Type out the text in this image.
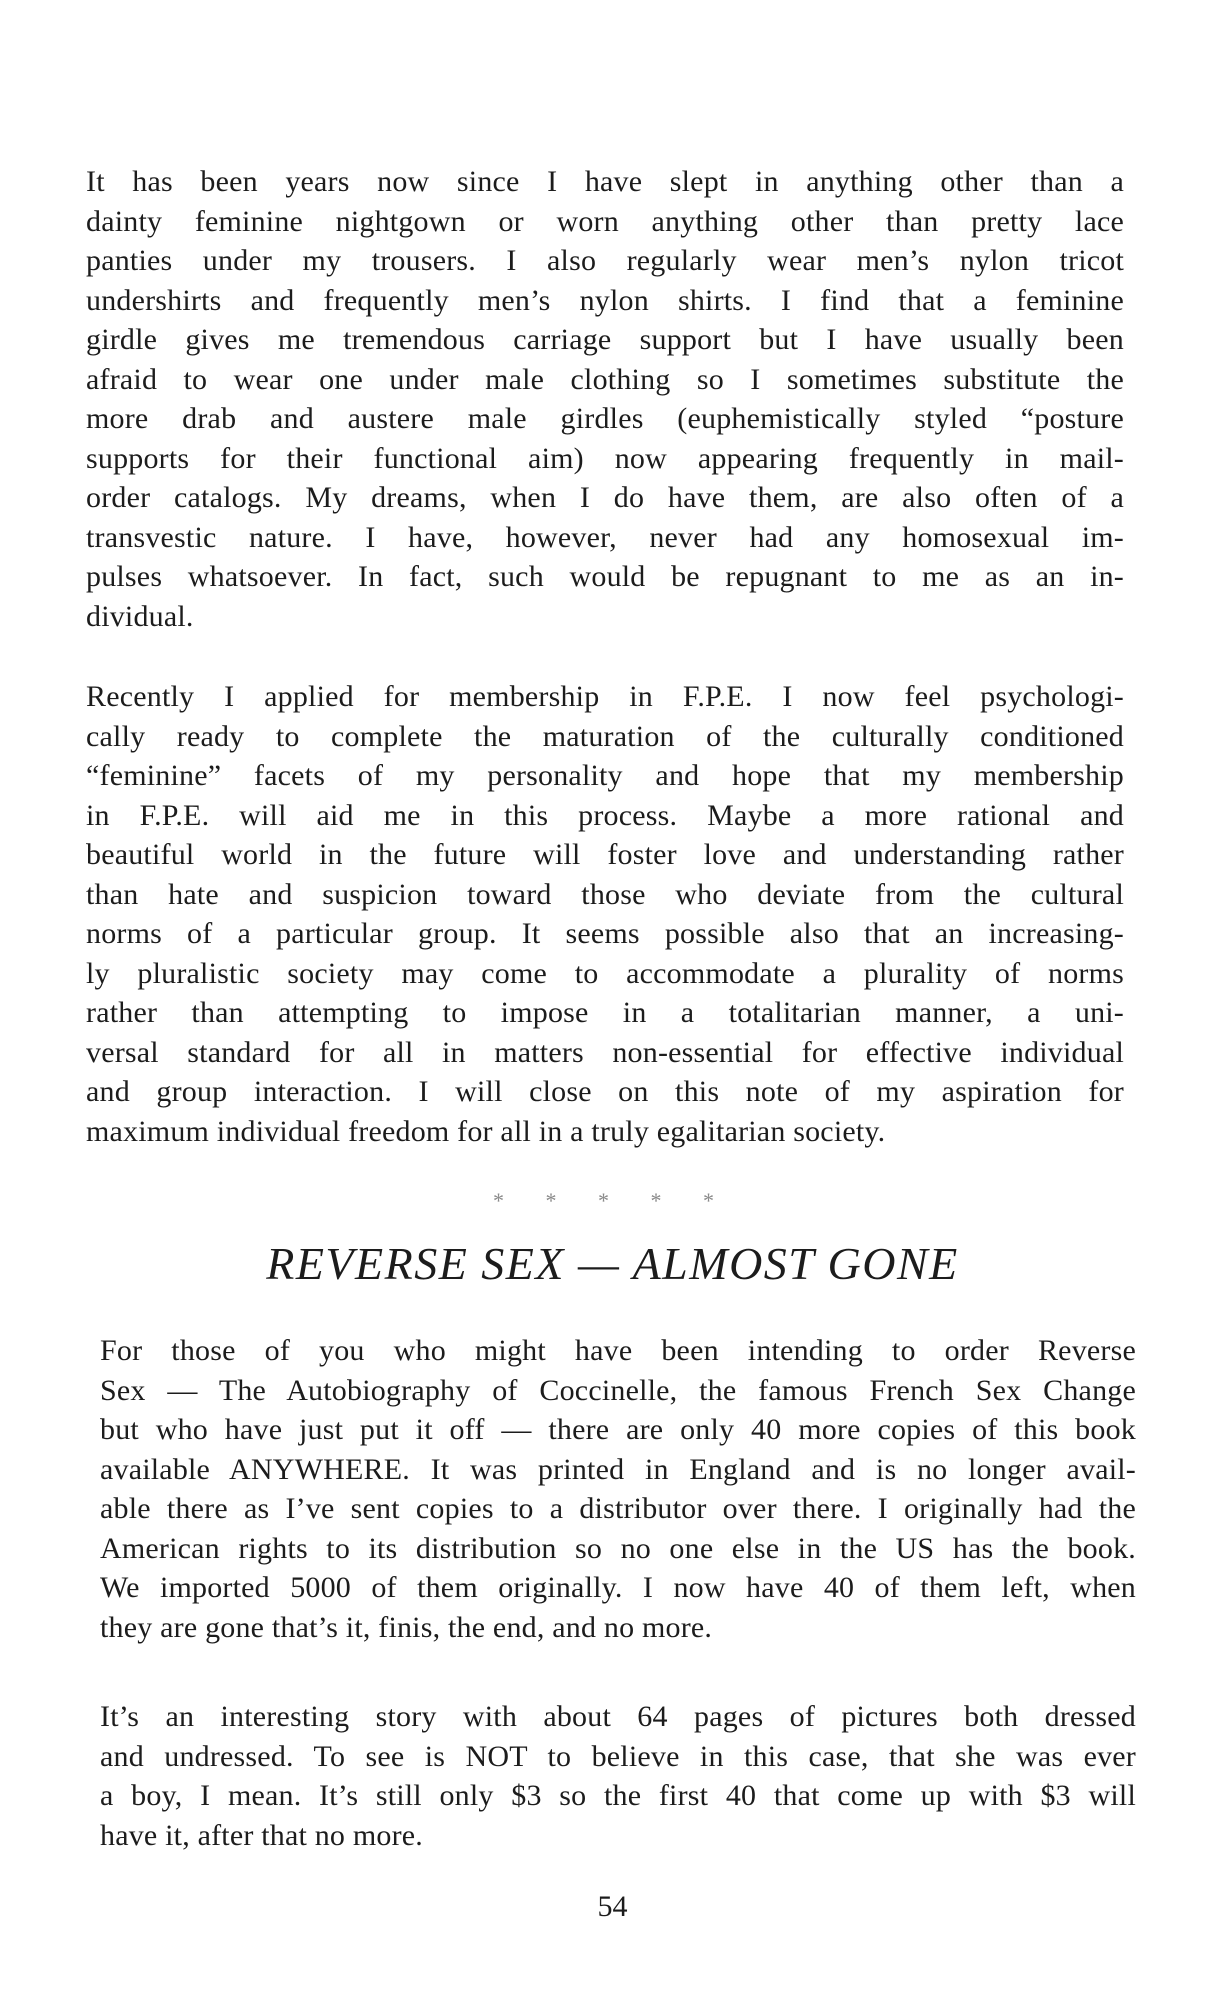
It has been years now since I have slept in anything other than a
dainty feminine nightgown or worn anything other than pretty lace
panties under my trousers. I also regularly wear men’s nylon tricot
undershirts and frequently men’s nylon shirts. I find that a feminine
girdle gives me tremendous carriage support but I have usually been
afraid to wear one under male clothing so I sometimes substitute the
more drab and austere male girdles (euphemistically styled “posture
supports for their functional aim) now appearing frequently in mail-
order catalogs. My dreams, when I do have them, are also often of a
transvestic nature. I have, however, never had any homosexual im-
pulses whatsoever. In fact, such would be repugnant to me as an in-
dividual.
Recently I applied for membership in F.P.E. I now feel psychologi-
cally ready to complete the maturation of the culturally conditioned
“feminine” facets of my personality and hope that my membership
in F.P.E. will aid me in this process. Maybe a more rational and
beautiful world in the future will foster love and understanding rather
than hate and suspicion toward those who deviate from the cultural
norms of a particular group. It seems possible also that an increasing-
ly pluralistic society may come to accommodate a plurality of norms
rather than attempting to impose in a totalitarian manner, a uni-
versal standard for all in matters non-essential for effective individual
and group interaction. I will close on this note of my aspiration for
maximum individual freedom for all in a truly egalitarian society.
* * * * *
REVERSE SEX — ALMOST GONE
For those of you who might have been intending to order Reverse
Sex — The Autobiography of Coccinelle, the famous French Sex Change
but who have just put it off — there are only 40 more copies of this book
available ANYWHERE. It was printed in England and is no longer avail-
able there as I’ve sent copies to a distributor over there. I originally had the
American rights to its distribution so no one else in the US has the book.
We imported 5000 of them originally. I now have 40 of them left, when
they are gone that’s it, finis, the end, and no more.
It’s an interesting story with about 64 pages of pictures both dressed
and undressed. To see is NOT to believe in this case, that she was ever
a boy, I mean. It’s still only $3 so the first 40 that come up with $3 will
have it, after that no more.
54
